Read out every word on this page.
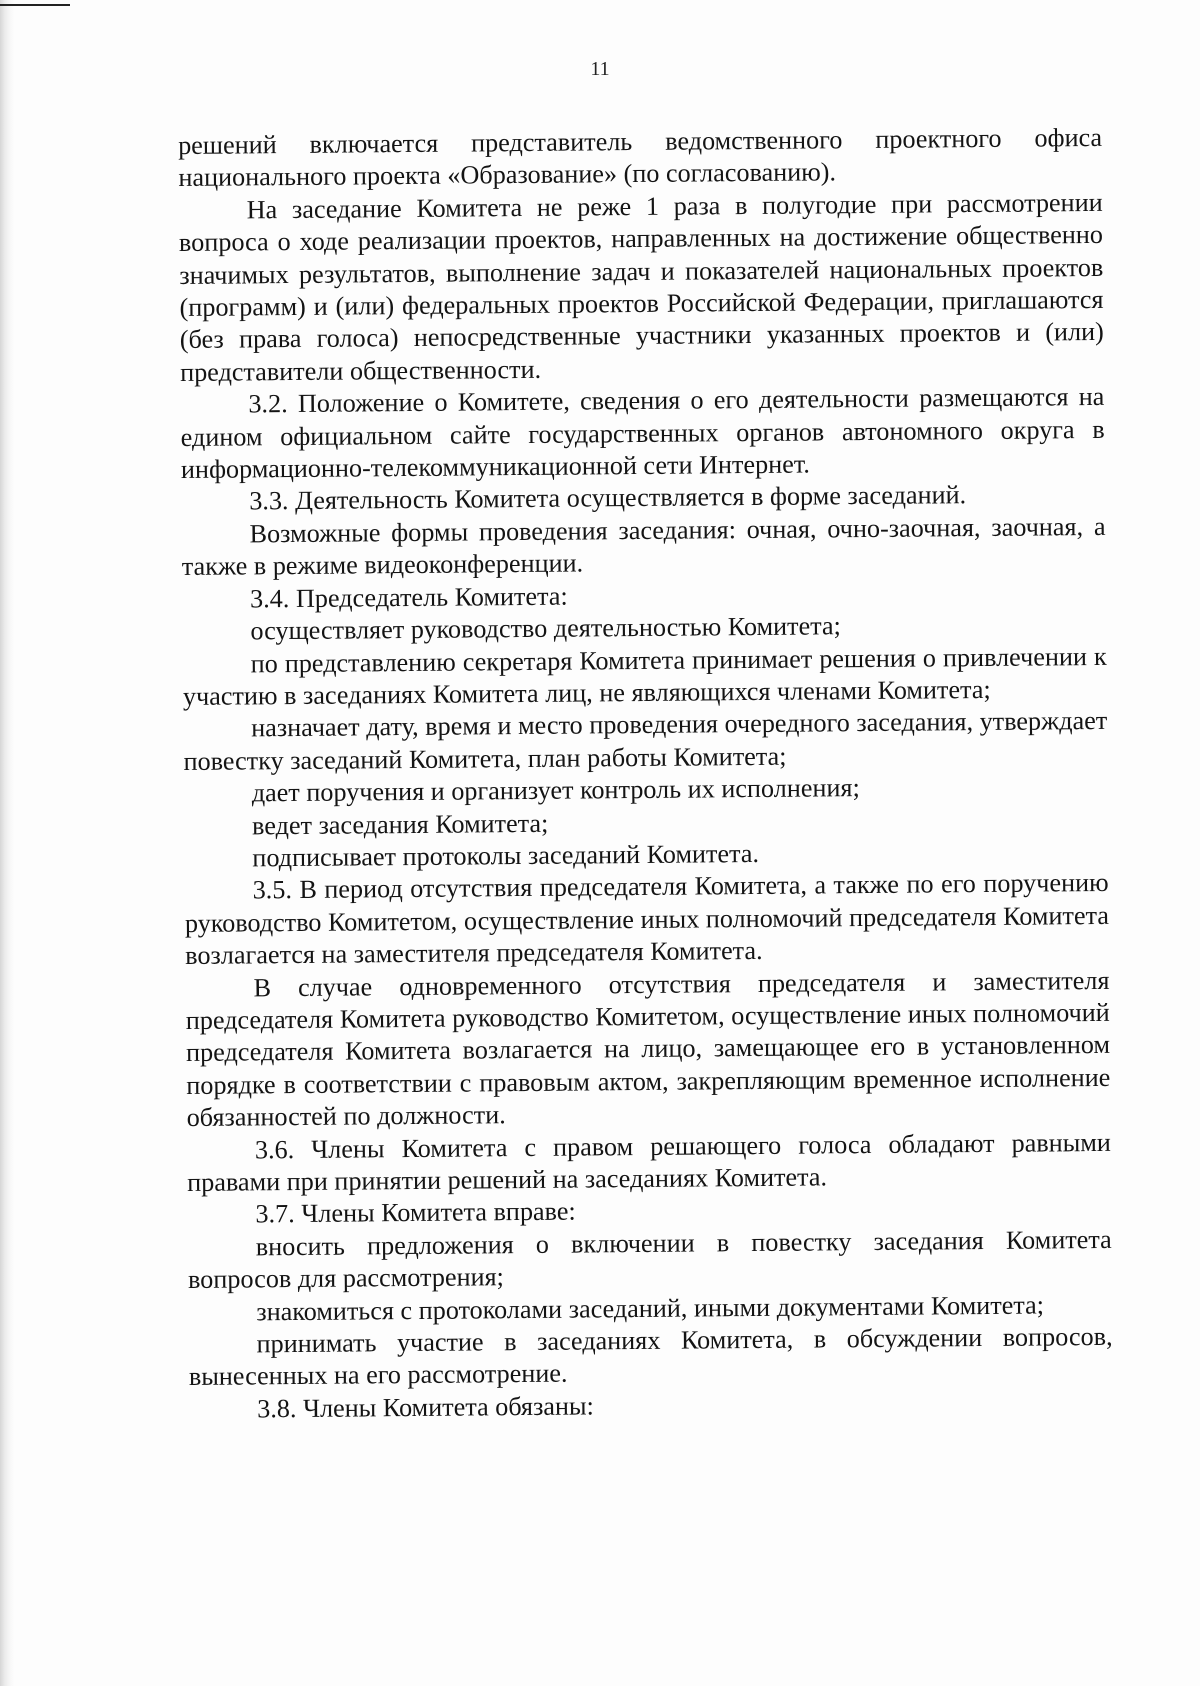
11

решений включается представитель ведомственного проектного офиса национального проекта «Образование» (по согласованию).

На заседание Комитета не реже 1 раза в полугодие при рассмотрении вопроса о ходе реализации проектов, направленных на достижение общественно значимых результатов, выполнение задач и показателей национальных проектов (программ) и (или) федеральных проектов Российской Федерации, приглашаются (без права голоса) непосредственные участники указанных проектов и (или) представители общественности.

3.2. Положение о Комитете, сведения о его деятельности размещаются на едином официальном сайте государственных органов автономного округа в информационно-телекоммуникационной сети Интернет.

3.3. Деятельность Комитета осуществляется в форме заседаний.

Возможные формы проведения заседания: очная, очно-заочная, заочная, а также в режиме видеоконференции.

3.4. Председатель Комитета:

осуществляет руководство деятельностью Комитета;

по представлению секретаря Комитета принимает решения о привлечении к участию в заседаниях Комитета лиц, не являющихся членами Комитета;

назначает дату, время и место проведения очередного заседания, утверждает повестку заседаний Комитета, план работы Комитета;

дает поручения и организует контроль их исполнения;

ведет заседания Комитета;

подписывает протоколы заседаний Комитета.

3.5. В период отсутствия председателя Комитета, а также по его поручению руководство Комитетом, осуществление иных полномочий председателя Комитета возлагается на заместителя председателя Комитета.

В случае одновременного отсутствия председателя и заместителя председателя Комитета руководство Комитетом, осуществление иных полномочий председателя Комитета возлагается на лицо, замещающее его в установленном порядке в соответствии с правовым актом, закрепляющим временное исполнение обязанностей по должности.

3.6. Члены Комитета с правом решающего голоса обладают равными правами при принятии решений на заседаниях Комитета.

3.7. Члены Комитета вправе:

вносить предложения о включении в повестку заседания Комитета вопросов для рассмотрения;

знакомиться с протоколами заседаний, иными документами Комитета;

принимать участие в заседаниях Комитета, в обсуждении вопросов, вынесенных на его рассмотрение.

3.8. Члены Комитета обязаны:
